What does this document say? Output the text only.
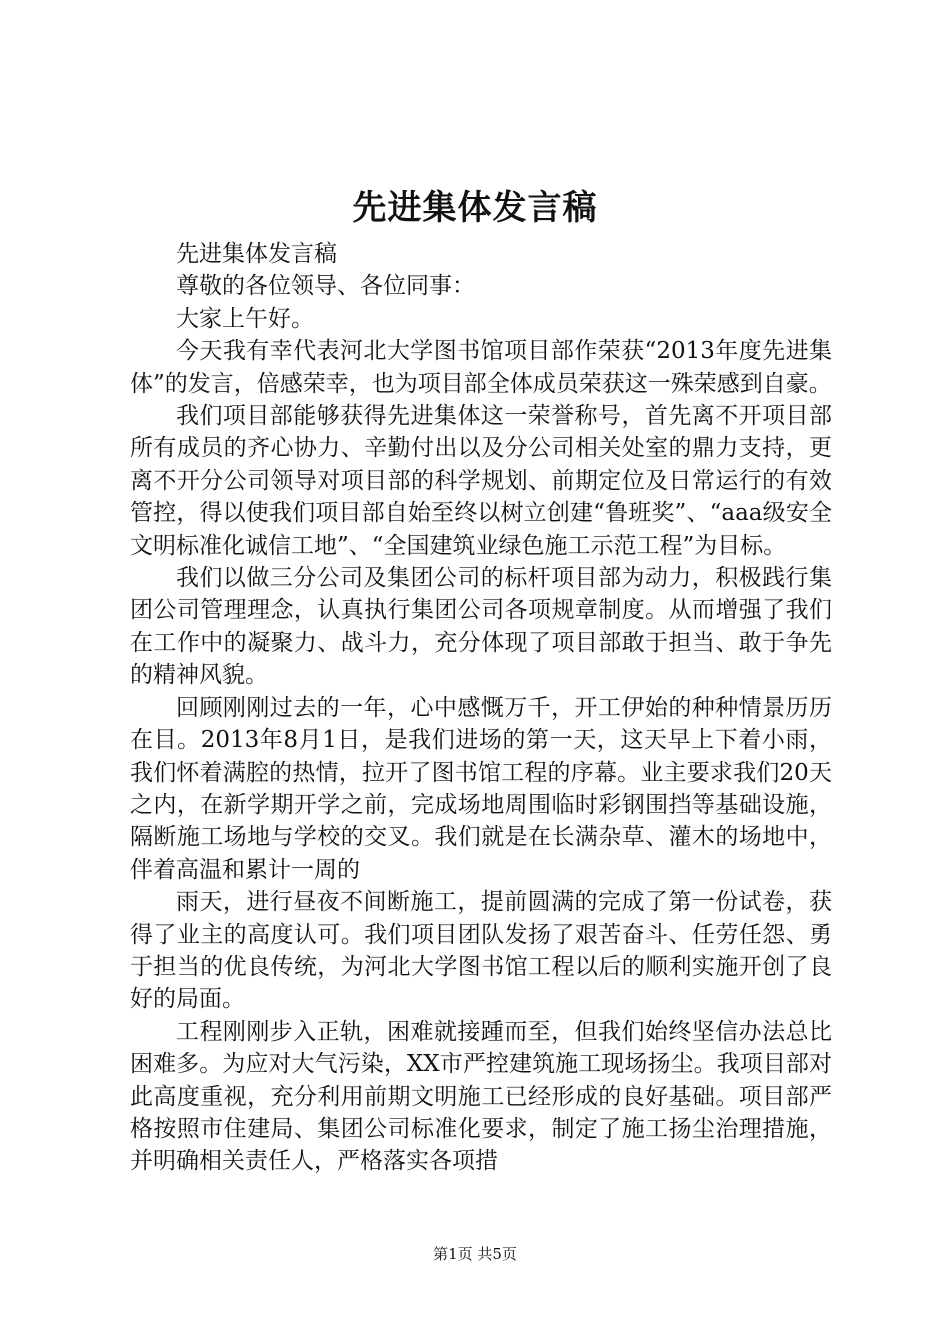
先进集体发言稿

先进集体发言稿

尊敬的各位领导、各位同事：

大家上午好。

今天我有幸代表河北大学图书馆项目部作荣获“2013年度先进集体”的发言，倍感荣幸，也为项目部全体成员荣获这一殊荣感到自豪。

我们项目部能够获得先进集体这一荣誉称号，首先离不开项目部所有成员的齐心协力、辛勤付出以及分公司相关处室的鼎力支持，更离不开分公司领导对项目部的科学规划、前期定位及日常运行的有效管控，得以使我们项目部自始至终以树立创建“鲁班奖”、“aaa级安全文明标准化诚信工地”、“全国建筑业绿色施工示范工程”为目标。

我们以做三分公司及集团公司的标杆项目部为动力，积极践行集团公司管理理念，认真执行集团公司各项规章制度。从而增强了我们在工作中的凝聚力、战斗力，充分体现了项目部敢于担当、敢于争先的精神风貌。

回顾刚刚过去的一年，心中感慨万千，开工伊始的种种情景历历在目。2013年8月1日，是我们进场的第一天，这天早上下着小雨，我们怀着满腔的热情，拉开了图书馆工程的序幕。业主要求我们20天之内，在新学期开学之前，完成场地周围临时彩钢围挡等基础设施，隔断施工场地与学校的交叉。我们就是在长满杂草、灌木的场地中，伴着高温和累计一周的

雨天，进行昼夜不间断施工，提前圆满的完成了第一份试卷，获得了业主的高度认可。我们项目团队发扬了艰苦奋斗、任劳任怨、勇于担当的优良传统，为河北大学图书馆工程以后的顺利实施开创了良好的局面。

工程刚刚步入正轨，困难就接踵而至，但我们始终坚信办法总比困难多。为应对大气污染，XX市严控建筑施工现场扬尘。我项目部对此高度重视，充分利用前期文明施工已经形成的良好基础。项目部严格按照市住建局、集团公司标准化要求，制定了施工扬尘治理措施，并明确相关责任人，严格落实各项措

第1页 共5页
